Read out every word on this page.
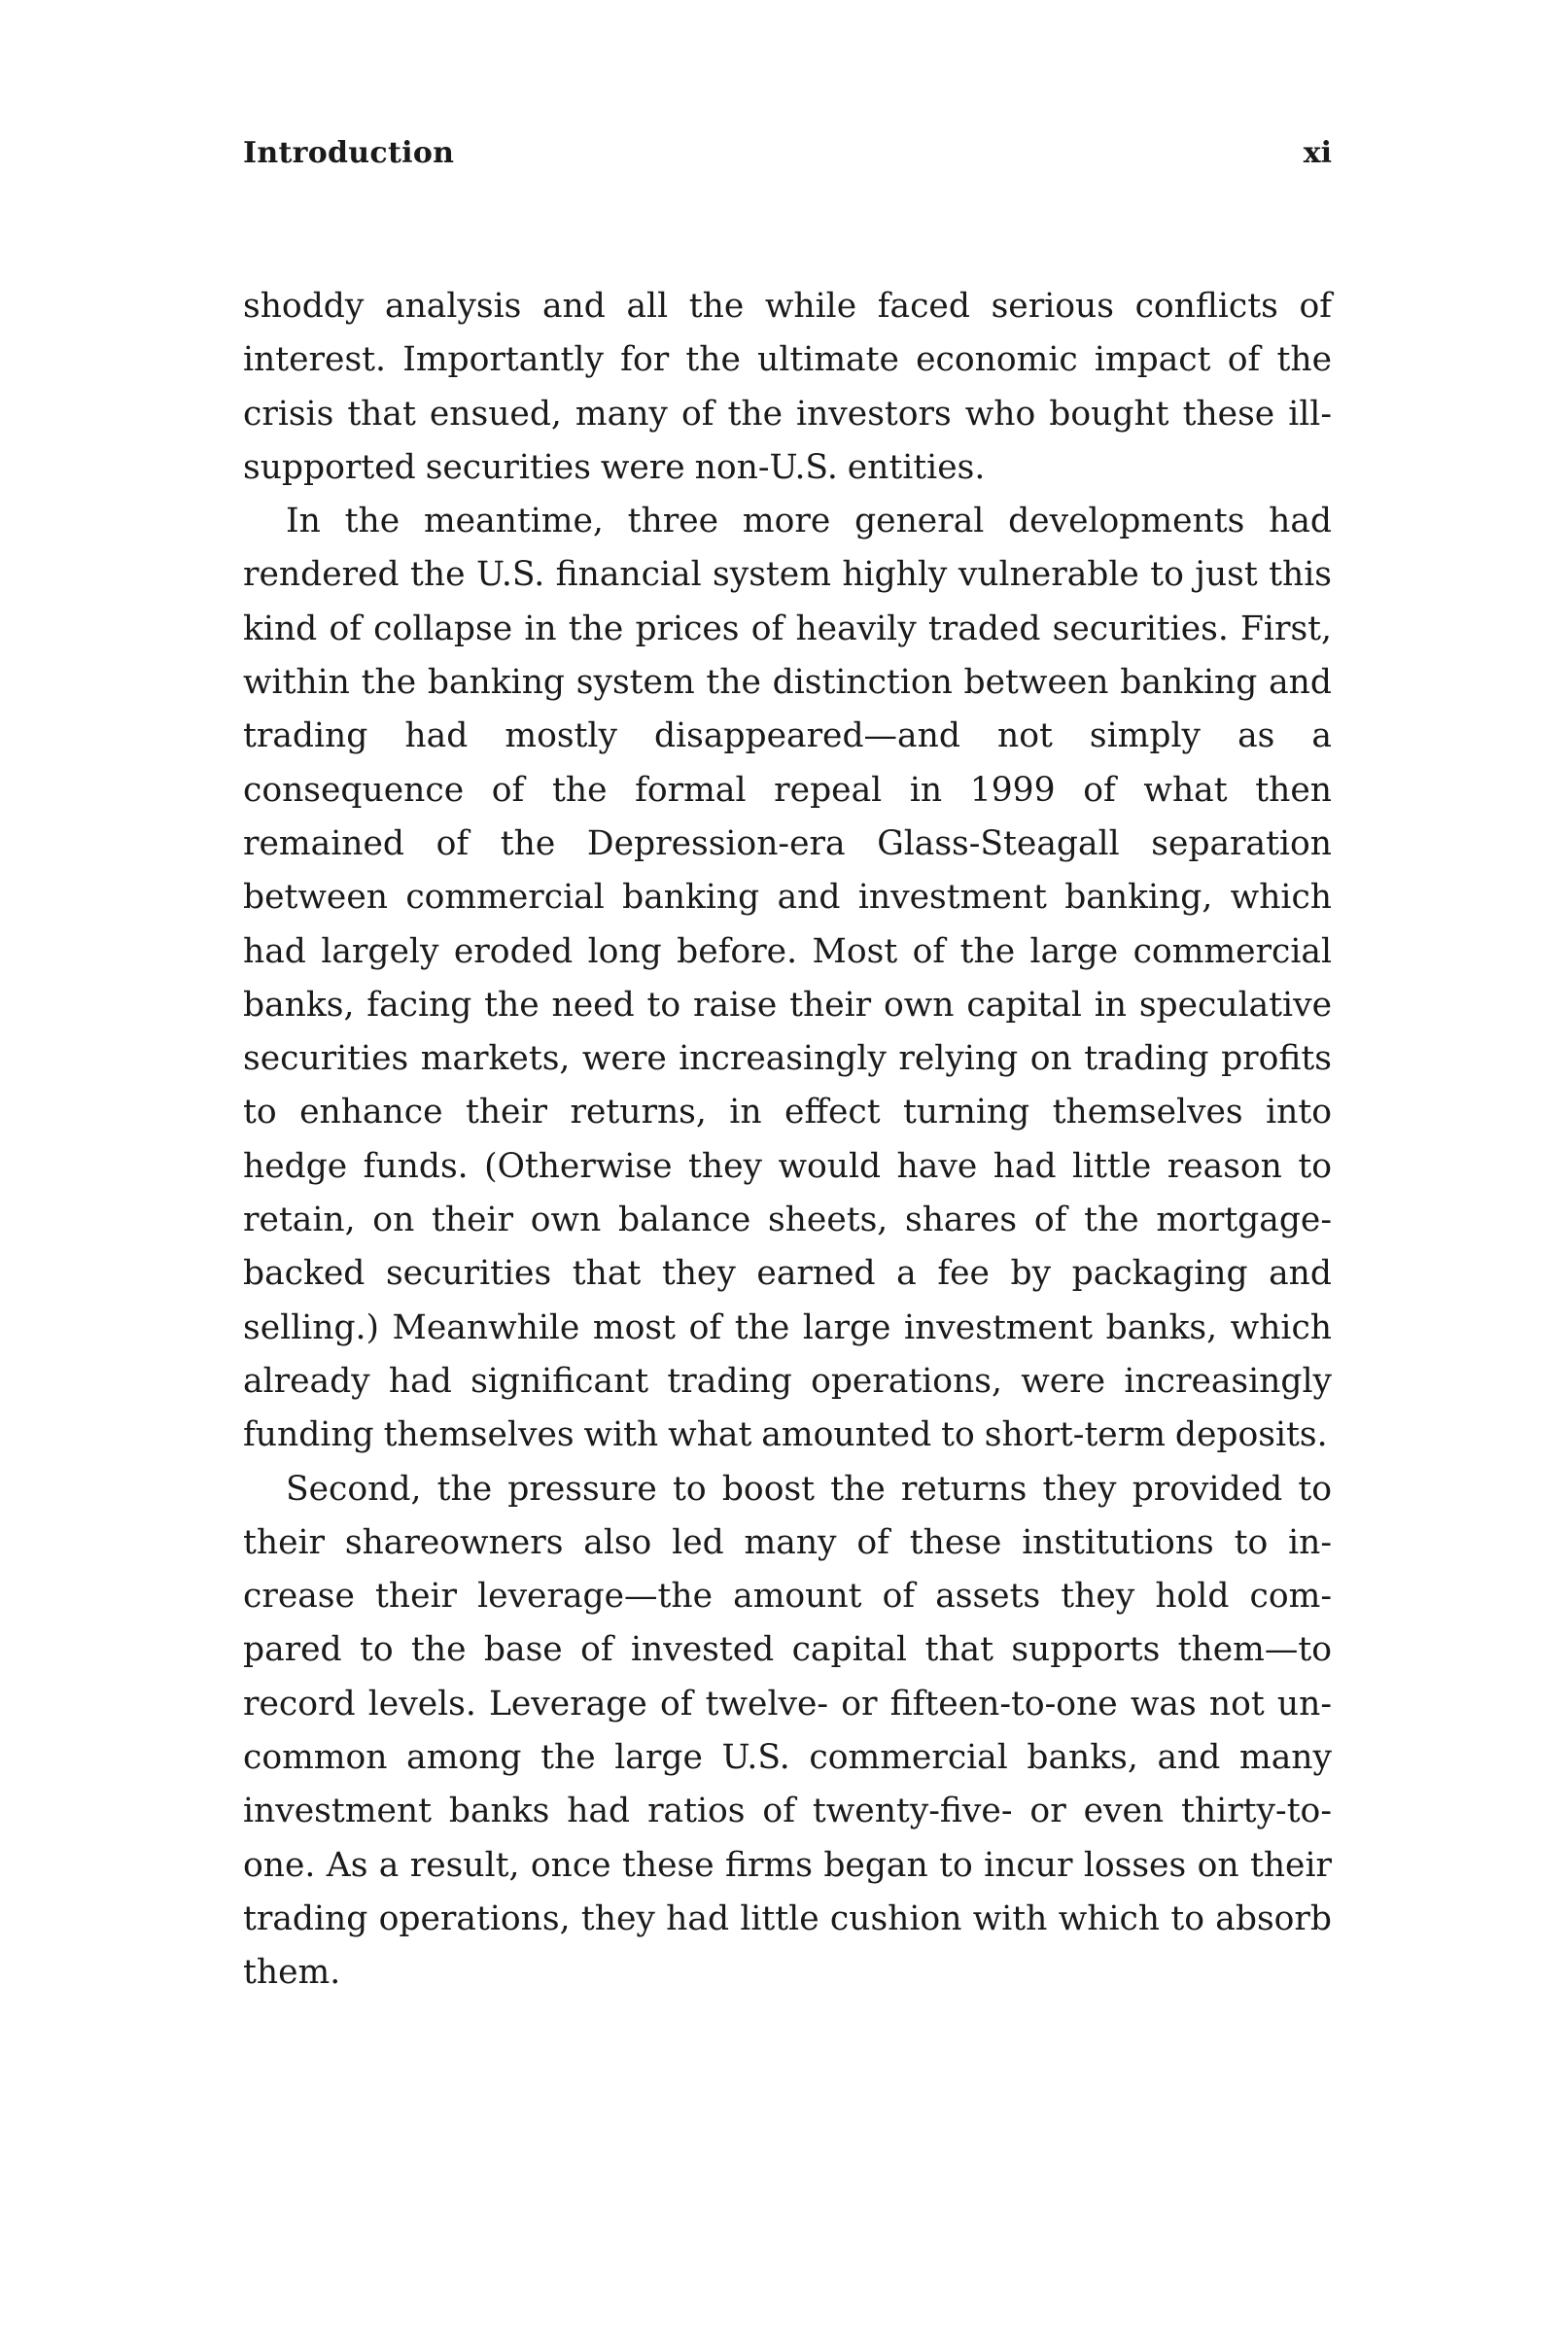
Introduction	xi

shoddy analysis and all the while faced serious conflicts of interest. Importantly for the ultimate economic impact of the crisis that ensued, many of the investors who bought these ill-supported securities were non-U.S. entities.

In the meantime, three more general developments had rendered the U.S. financial system highly vulnerable to just this kind of collapse in the prices of heavily traded securities. First, within the banking system the distinction between banking and trading had mostly disappeared—and not simply as a consequence of the formal repeal in 1999 of what then remained of the Depression-era Glass-Steagall separation between commercial banking and investment banking, which had largely eroded long before. Most of the large commercial banks, facing the need to raise their own capital in speculative securities markets, were increasingly relying on trading profits to enhance their returns, in effect turning themselves into hedge funds. (Otherwise they would have had little reason to retain, on their own balance sheets, shares of the mortgage-backed securities that they earned a fee by packaging and selling.) Meanwhile most of the large investment banks, which already had significant trading operations, were increasingly funding themselves with what amounted to short-term deposits.

Second, the pressure to boost the returns they provided to their shareowners also led many of these institutions to increase their leverage—the amount of assets they hold compared to the base of invested capital that supports them—to record levels. Leverage of twelve- or fifteen-to-one was not uncommon among the large U.S. commercial banks, and many investment banks had ratios of twenty-five- or even thirty-to-one. As a result, once these firms began to incur losses on their trading operations, they had little cushion with which to absorb them.
